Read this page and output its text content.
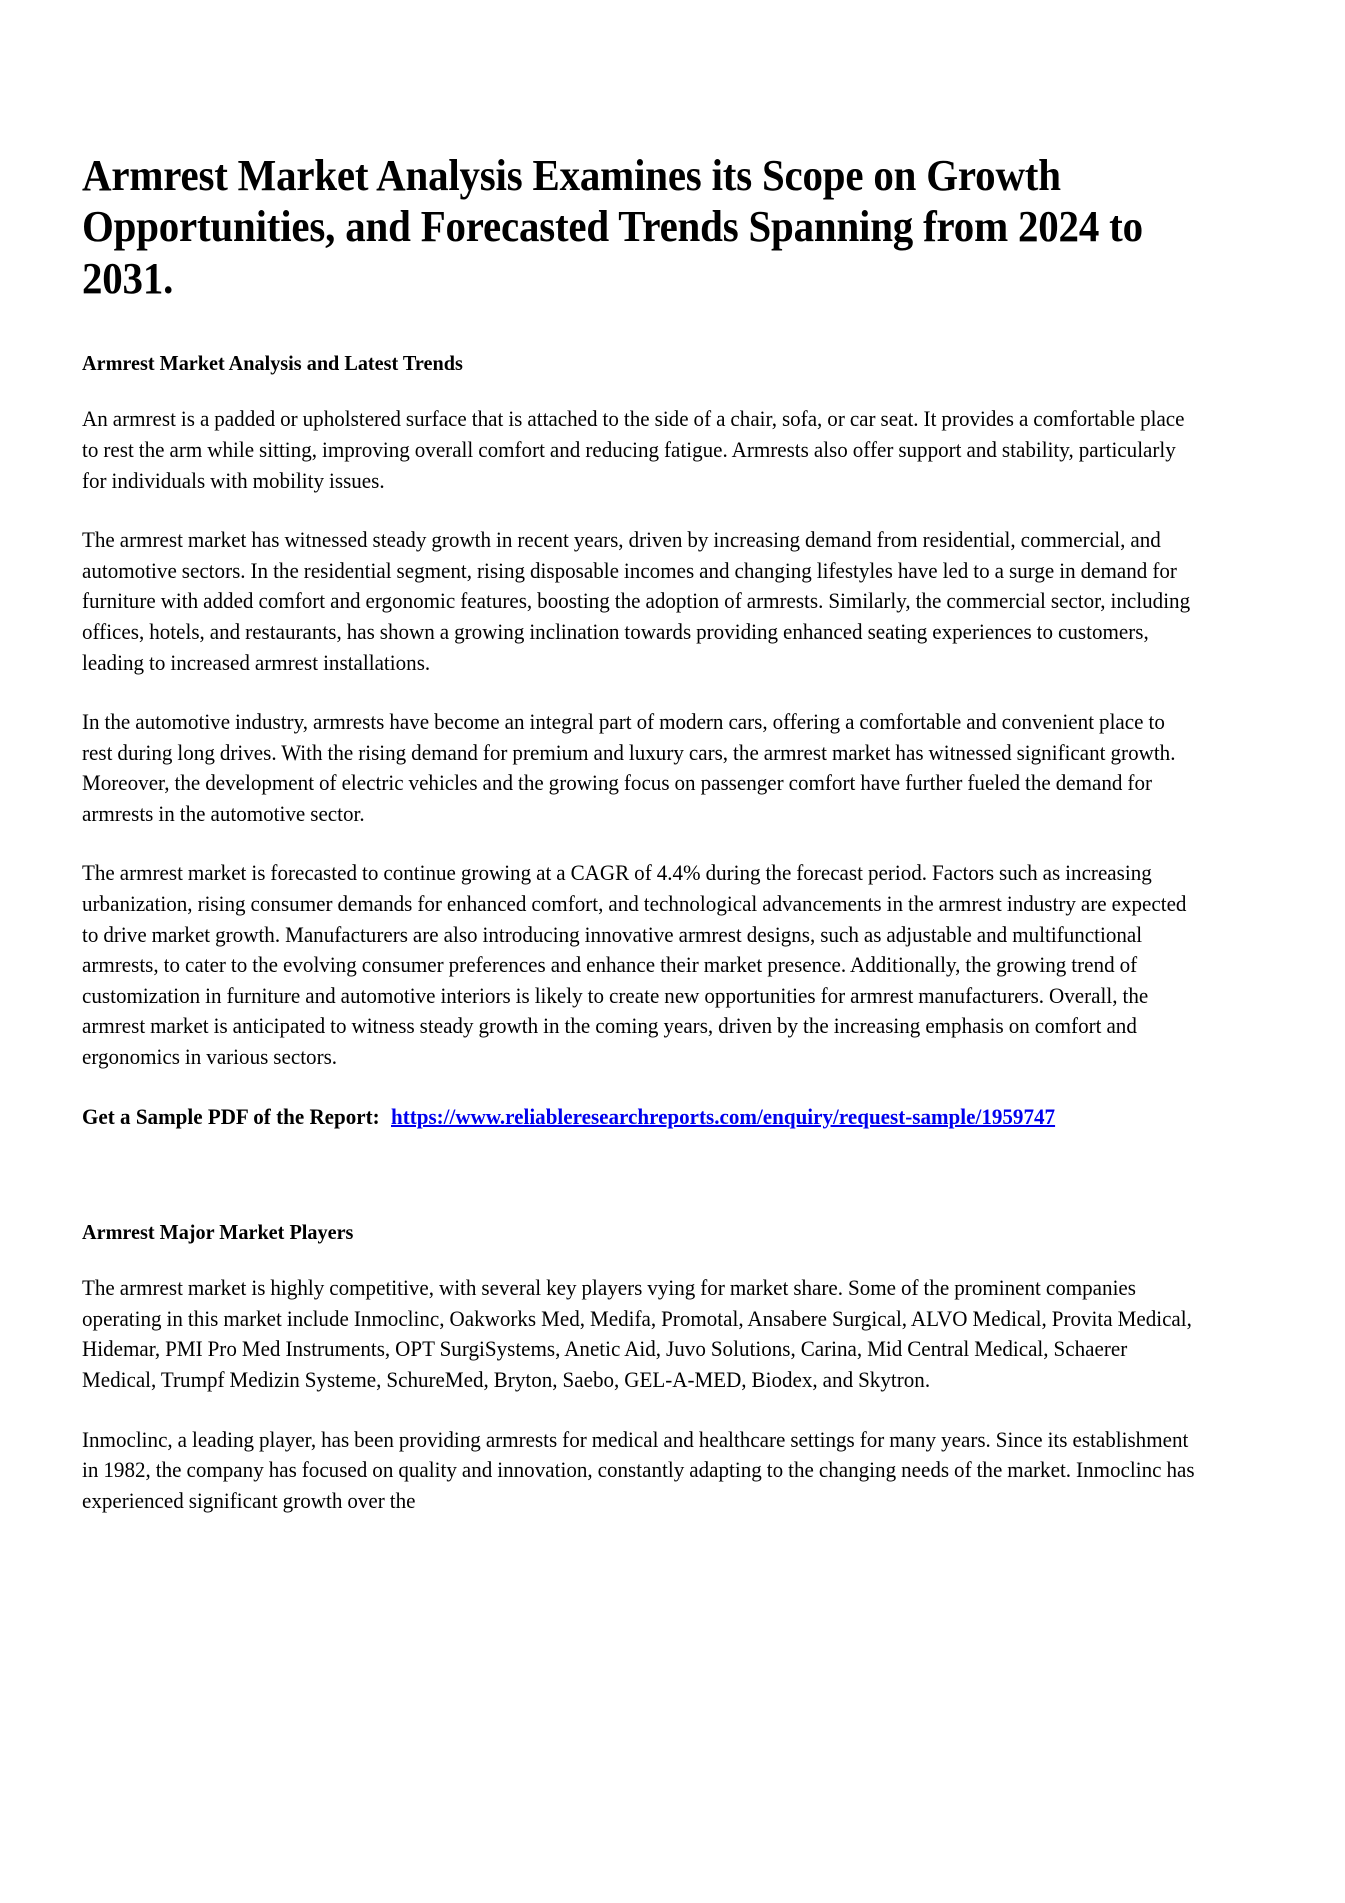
Armrest Market Analysis Examines its Scope on Growth Opportunities, and Forecasted Trends Spanning from 2024 to 2031.
Armrest Market Analysis and Latest Trends

An armrest is a padded or upholstered surface that is attached to the side of a chair, sofa, or car seat. It provides a comfortable place to rest the arm while sitting, improving overall comfort and reducing fatigue. Armrests also offer support and stability, particularly for individuals with mobility issues.

The armrest market has witnessed steady growth in recent years, driven by increasing demand from residential, commercial, and automotive sectors. In the residential segment, rising disposable incomes and changing lifestyles have led to a surge in demand for furniture with added comfort and ergonomic features, boosting the adoption of armrests. Similarly, the commercial sector, including offices, hotels, and restaurants, has shown a growing inclination towards providing enhanced seating experiences to customers, leading to increased armrest installations.

In the automotive industry, armrests have become an integral part of modern cars, offering a comfortable and convenient place to rest during long drives. With the rising demand for premium and luxury cars, the armrest market has witnessed significant growth. Moreover, the development of electric vehicles and the growing focus on passenger comfort have further fueled the demand for armrests in the automotive sector.

The armrest market is forecasted to continue growing at a CAGR of 4.4% during the forecast period. Factors such as increasing urbanization, rising consumer demands for enhanced comfort, and technological advancements in the armrest industry are expected to drive market growth. Manufacturers are also introducing innovative armrest designs, such as adjustable and multifunctional armrests, to cater to the evolving consumer preferences and enhance their market presence. Additionally, the growing trend of customization in furniture and automotive interiors is likely to create new opportunities for armrest manufacturers. Overall, the armrest market is anticipated to witness steady growth in the coming years, driven by the increasing emphasis on comfort and ergonomics in various sectors.

Get a Sample PDF of the Report: https://www.reliableresearchreports.com/enquiry/request-sample/1959747
Armrest Major Market Players

The armrest market is highly competitive, with several key players vying for market share. Some of the prominent companies operating in this market include Inmoclinc, Oakworks Med, Medifa, Promotal, Ansabere Surgical, ALVO Medical, Provita Medical, Hidemar, PMI Pro Med Instruments, OPT SurgiSystems, Anetic Aid, Juvo Solutions, Carina, Mid Central Medical, Schaerer Medical, Trumpf Medizin Systeme, SchureMed, Bryton, Saebo, GEL-A-MED, Biodex, and Skytron.

Inmoclinc, a leading player, has been providing armrests for medical and healthcare settings for many years. Since its establishment in 1982, the company has focused on quality and innovation, constantly adapting to the changing needs of the market. Inmoclinc has experienced significant growth over the
